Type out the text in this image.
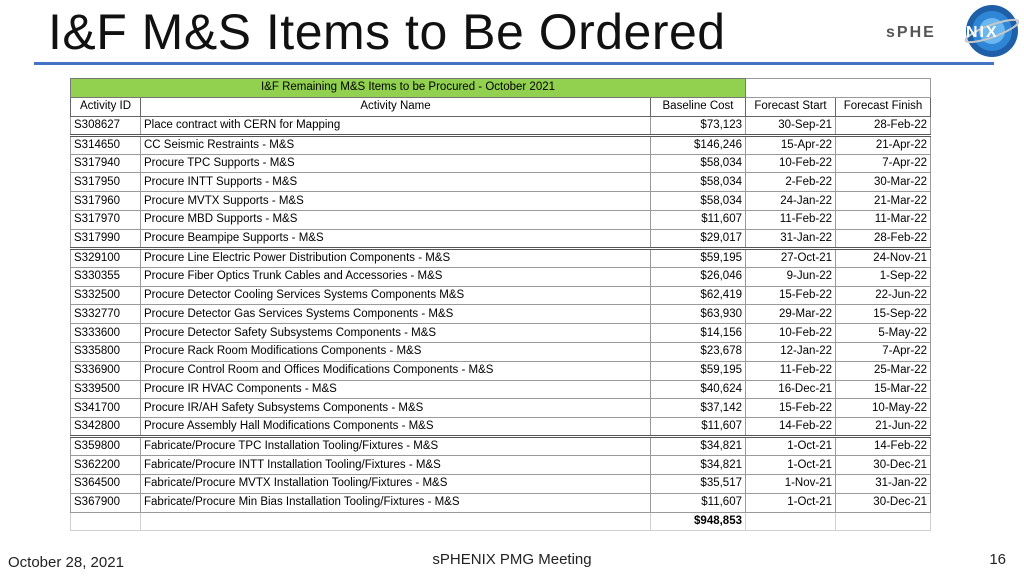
I&F M&S Items to Be Ordered	sPHE NIX
I&F Remaining M&S Items to be Procured - October 2021				
Activity ID	Activity Name	Baseline Cost	Forecast Start	Forecast Finish
S308627	Place contract with CERN for Mapping	$73,123	30-Sep-21	28-Feb-22
S314650	CC Seismic Restraints - M&S	$146,246	15-Apr-22	21-Apr-22
S317940	Procure TPC Supports - M&S	$58,034	10-Feb-22	7-Apr-22
S317950	Procure INTT Supports - M&S	$58,034	2-Feb-22	30-Mar-22
S317960	Procure MVTX Supports - M&S	$58,034	24-Jan-22	21-Mar-22
S317970	Procure MBD Supports - M&S	$11,607	11-Feb-22	11-Mar-22
S317990	Procure Beampipe Supports - M&S	$29,017	31-Jan-22	28-Feb-22
S329100	Procure Line Electric Power Distribution Components - M&S	$59,195	27-Oct-21	24-Nov-21
S330355	Procure Fiber Optics Trunk Cables and Accessories - M&S	$26,046	9-Jun-22	1-Sep-22
S332500	Procure Detector Cooling Services Systems Components M&S	$62,419	15-Feb-22	22-Jun-22
S332770	Procure Detector Gas Services Systems Components - M&S	$63,930	29-Mar-22	15-Sep-22
S333600	Procure Detector Safety Subsystems Components - M&S	$14,156	10-Feb-22	5-May-22
S335800	Procure Rack Room Modifications Components - M&S	$23,678	12-Jan-22	7-Apr-22
S336900	Procure Control Room and Offices Modifications Components - M&S	$59,195	11-Feb-22	25-Mar-22
S339500	Procure IR HVAC Components - M&S	$40,624	16-Dec-21	15-Mar-22
S341700	Procure IR/AH Safety Subsystems Components - M&S	$37,142	15-Feb-22	10-May-22
S342800	Procure Assembly Hall Modifications Components - M&S	$11,607	14-Feb-22	21-Jun-22
S359800	Fabricate/Procure TPC Installation Tooling/Fixtures - M&S	$34,821	1-Oct-21	14-Feb-22
S362200	Fabricate/Procure INTT Installation Tooling/Fixtures - M&S	$34,821	1-Oct-21	30-Dec-21
S364500	Fabricate/Procure MVTX Installation Tooling/Fixtures - M&S	$35,517	1-Nov-21	31-Jan-22
S367900	Fabricate/Procure Min Bias Installation Tooling/Fixtures - M&S	$11,607	1-Oct-21	30-Dec-21
		$948,853		
October 28, 2021	sPHENIX PMG Meeting	16
